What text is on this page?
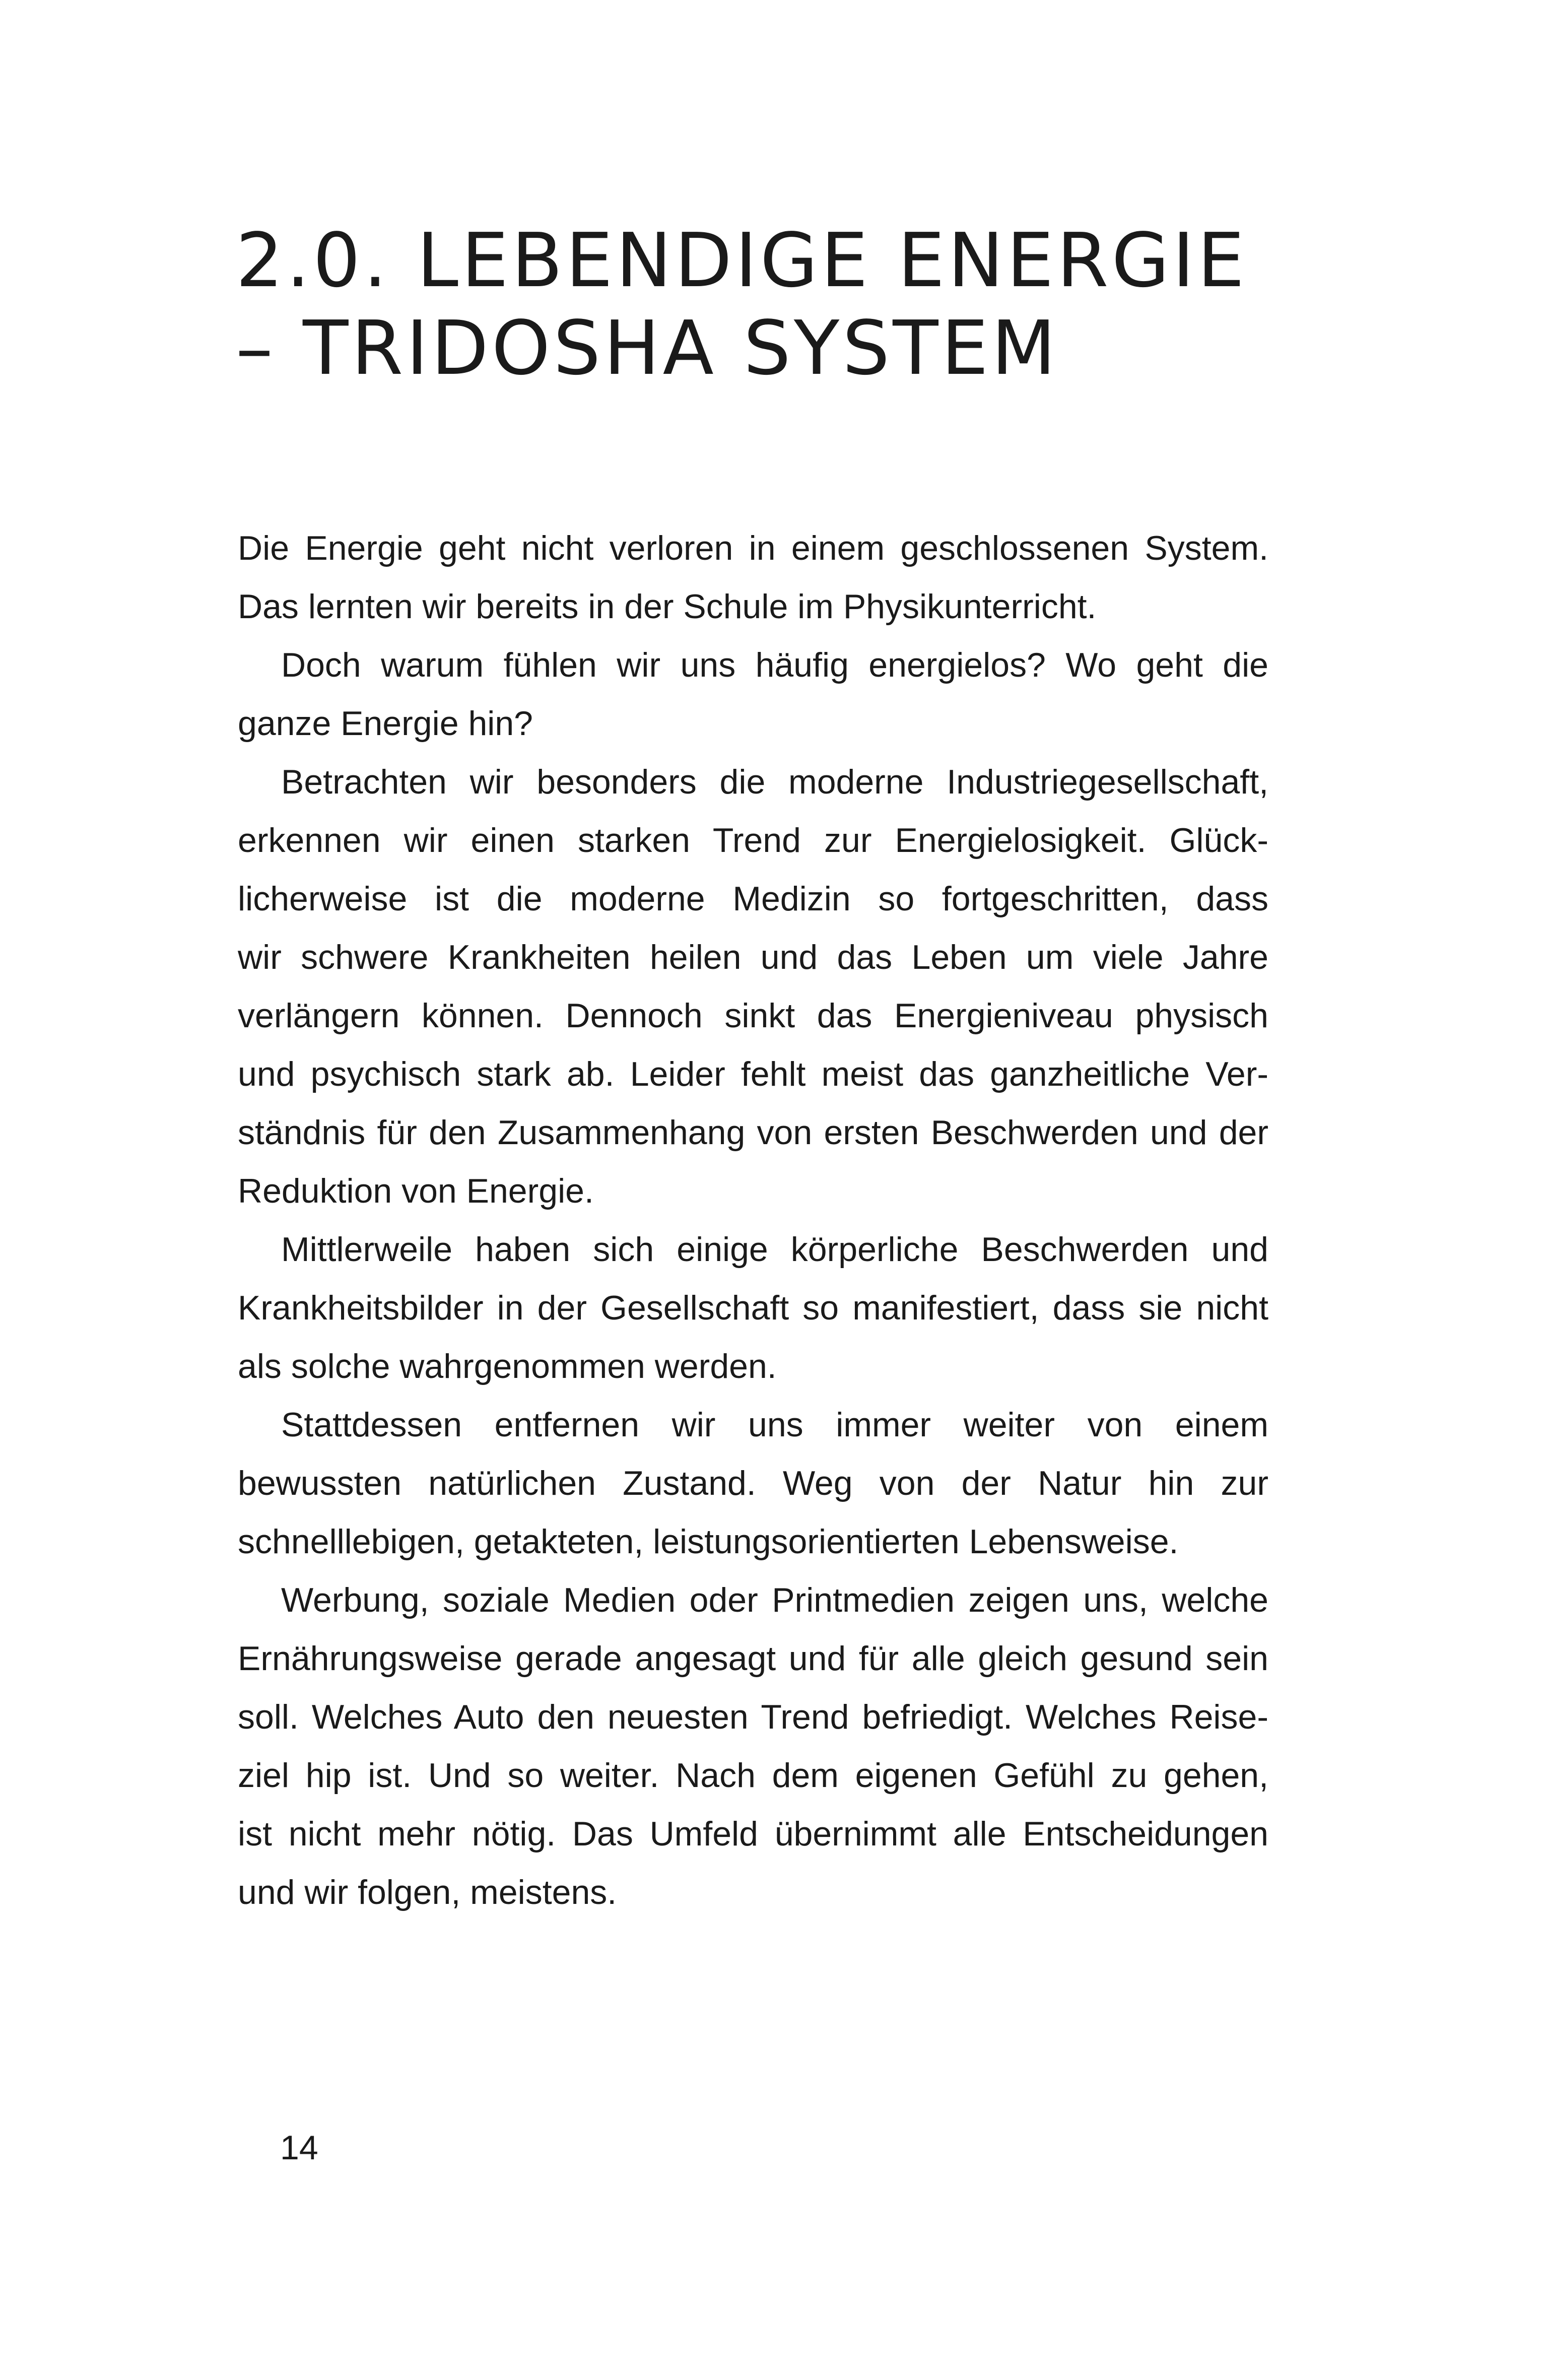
2.0. LEBENDIGE ENERGIE
– TRIDOSHA SYSTEM
Die Energie geht nicht verloren in einem geschlossenen System.
Das lernten wir bereits in der Schule im Physikunterricht.
Doch warum fühlen wir uns häufig energielos? Wo geht die
ganze Energie hin?
Betrachten wir besonders die moderne Industriegesellschaft,
erkennen wir einen starken Trend zur Energielosigkeit. Glück-
licherweise ist die moderne Medizin so fortgeschritten, dass
wir schwere Krankheiten heilen und das Leben um viele Jahre
verlängern können. Dennoch sinkt das Energieniveau physisch
und psychisch stark ab. Leider fehlt meist das ganzheitliche Ver-
ständnis für den Zusammenhang von ersten Beschwerden und der
Reduktion von Energie.
Mittlerweile haben sich einige körperliche Beschwerden und
Krankheitsbilder in der Gesellschaft so manifestiert, dass sie nicht
als solche wahrgenommen werden.
Stattdessen entfernen wir uns immer weiter von einem
bewussten natürlichen Zustand. Weg von der Natur hin zur
schnelllebigen, getakteten, leistungsorientierten Lebensweise.
Werbung, soziale Medien oder Printmedien zeigen uns, welche
Ernährungsweise gerade angesagt und für alle gleich gesund sein
soll. Welches Auto den neuesten Trend befriedigt. Welches Reise-
ziel hip ist. Und so weiter. Nach dem eigenen Gefühl zu gehen,
ist nicht mehr nötig. Das Umfeld übernimmt alle Entscheidungen
und wir folgen, meistens.
14
